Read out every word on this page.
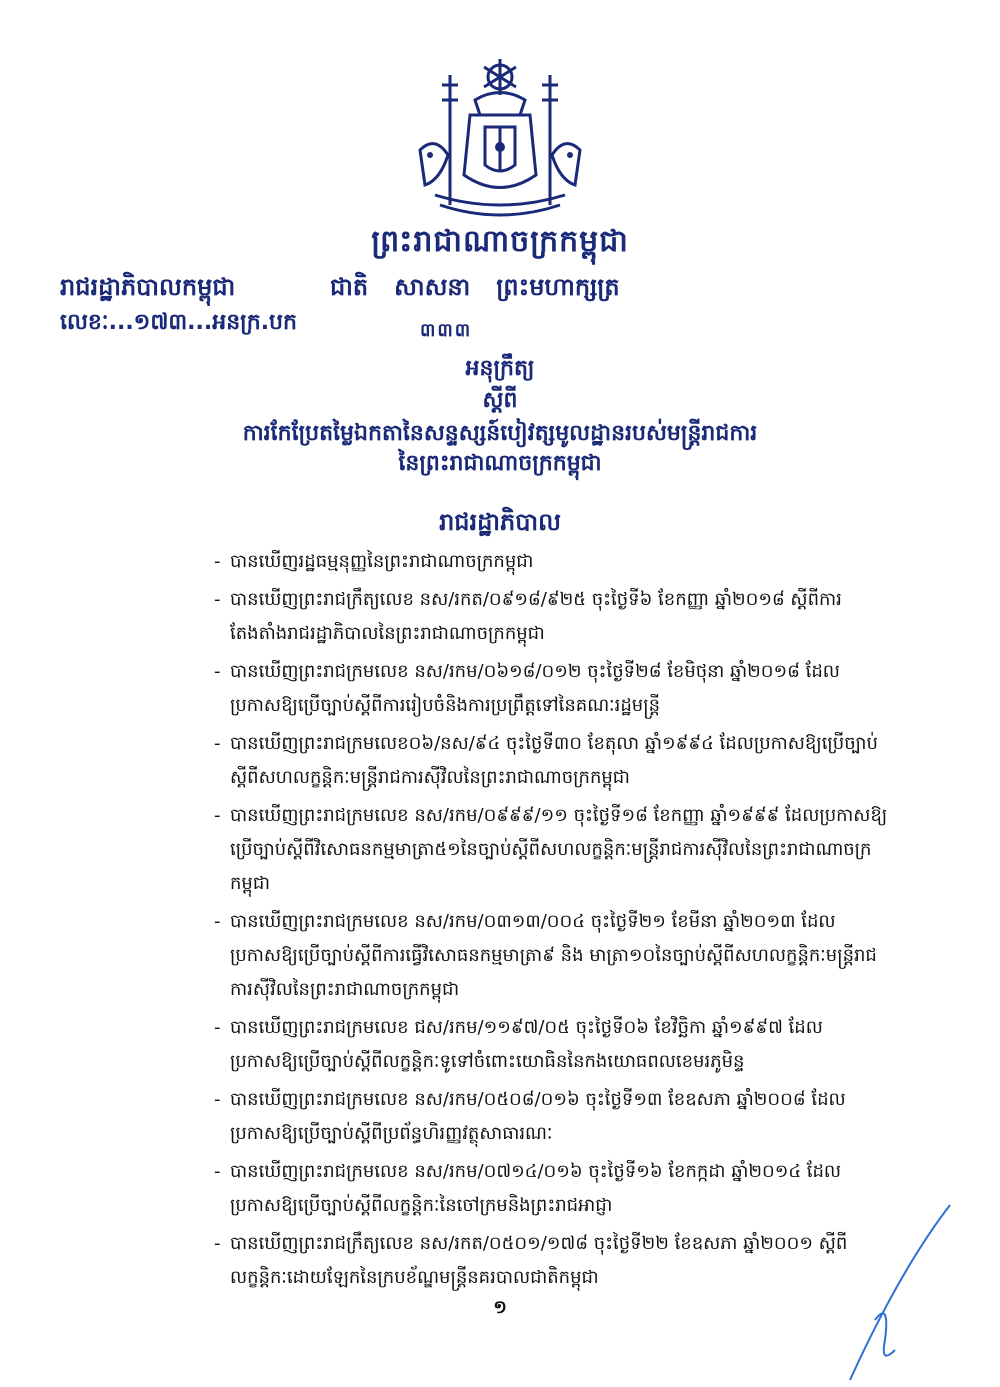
ព្រះរាជាណាចក្រកម្ពុជា
រាជរដ្ឋាភិបាលកម្ពុជា	ជាតិ សាសនា ព្រះមហាក្សត្រ
លេខៈ...១៧៣...អនក្រ.បក	៣៣៣
អនុក្រឹត្យ
ស្តីពី
ការកែប្រែតម្លៃឯកតានៃសន្ទស្សន៍បៀវត្សមូលដ្ឋានរបស់មន្ត្រីរាជការ
នៃព្រះរាជាណាចក្រកម្ពុជា
រាជរដ្ឋាភិបាល
- បានឃើញរដ្ឋធម្មនុញ្ញនៃព្រះរាជាណាចក្រកម្ពុជា
- បានឃើញព្រះរាជក្រឹត្យលេខ នស/រកត/០៩១៨/៩២៥ ចុះថ្ងៃទី៦ ខែកញ្ញា ឆ្នាំ២០១៨ ស្តីពីការតែងតាំងរាជរដ្ឋាភិបាលនៃព្រះរាជាណាចក្រកម្ពុជា
- បានឃើញព្រះរាជក្រមលេខ នស/រកម/០៦១៨/០១២ ចុះថ្ងៃទី២៨ ខែមិថុនា ឆ្នាំ២០១៨ ដែលប្រកាសឱ្យប្រើច្បាប់ស្តីពីការរៀបចំនិងការប្រព្រឹត្តទៅនៃគណៈរដ្ឋមន្ត្រី
- បានឃើញព្រះរាជក្រមលេខ០៦/នស/៩៤ ចុះថ្ងៃទី៣០ ខែតុលា ឆ្នាំ១៩៩៤ ដែលប្រកាសឱ្យប្រើច្បាប់ស្តីពីសហលក្ខន្តិកៈមន្ត្រីរាជការស៊ីវិលនៃព្រះរាជាណាចក្រកម្ពុជា
- បានឃើញព្រះរាជក្រមលេខ នស/រកម/០៩៩៩/១១ ចុះថ្ងៃទី១៨ ខែកញ្ញា ឆ្នាំ១៩៩៩ ដែលប្រកាសឱ្យប្រើច្បាប់ស្តីពីវិសោធនកម្មមាត្រា៥១នៃច្បាប់ស្តីពីសហលក្ខន្តិកៈមន្ត្រីរាជការស៊ីវិលនៃព្រះរាជាណាចក្រកម្ពុជា
- បានឃើញព្រះរាជក្រមលេខ នស/រកម/០៣១៣/០០៤ ចុះថ្ងៃទី២១ ខែមីនា ឆ្នាំ២០១៣ ដែលប្រកាសឱ្យប្រើច្បាប់ស្តីពីការធ្វើវិសោធនកម្មមាត្រា៩ និង មាត្រា១០នៃច្បាប់ស្តីពីសហលក្ខន្តិកៈមន្ត្រីរាជការស៊ីវិលនៃព្រះរាជាណាចក្រកម្ពុជា
- បានឃើញព្រះរាជក្រមលេខ ជស/រកម/១១៩៧/០៥ ចុះថ្ងៃទី០៦ ខែវិច្ឆិកា ឆ្នាំ១៩៩៧ ដែលប្រកាសឱ្យប្រើច្បាប់ស្តីពីលក្ខន្តិកៈទូទៅចំពោះយោធិននៃកងយោធពលខេមរភូមិន្ទ
- បានឃើញព្រះរាជក្រមលេខ នស/រកម/០៥០៨/០១៦ ចុះថ្ងៃទី១៣ ខែឧសភា ឆ្នាំ២០០៨ ដែលប្រកាសឱ្យប្រើច្បាប់ស្តីពីប្រព័ន្ធហិរញ្ញវត្ថុសាធារណៈ
- បានឃើញព្រះរាជក្រមលេខ នស/រកម/០៧១៤/០១៦ ចុះថ្ងៃទី១៦ ខែកក្កដា ឆ្នាំ២០១៤ ដែលប្រកាសឱ្យប្រើច្បាប់ស្តីពីលក្ខន្តិកៈនៃចៅក្រមនិងព្រះរាជអាជ្ញា
- បានឃើញព្រះរាជក្រឹត្យលេខ នស/រកត/០៥០១/១៧៨ ចុះថ្ងៃទី២២ ខែឧសភា ឆ្នាំ២០០១ ស្តីពីលក្ខន្តិកៈដោយឡែកនៃក្របខ័ណ្ឌមន្ត្រីនគរបាលជាតិកម្ពុជា
១
